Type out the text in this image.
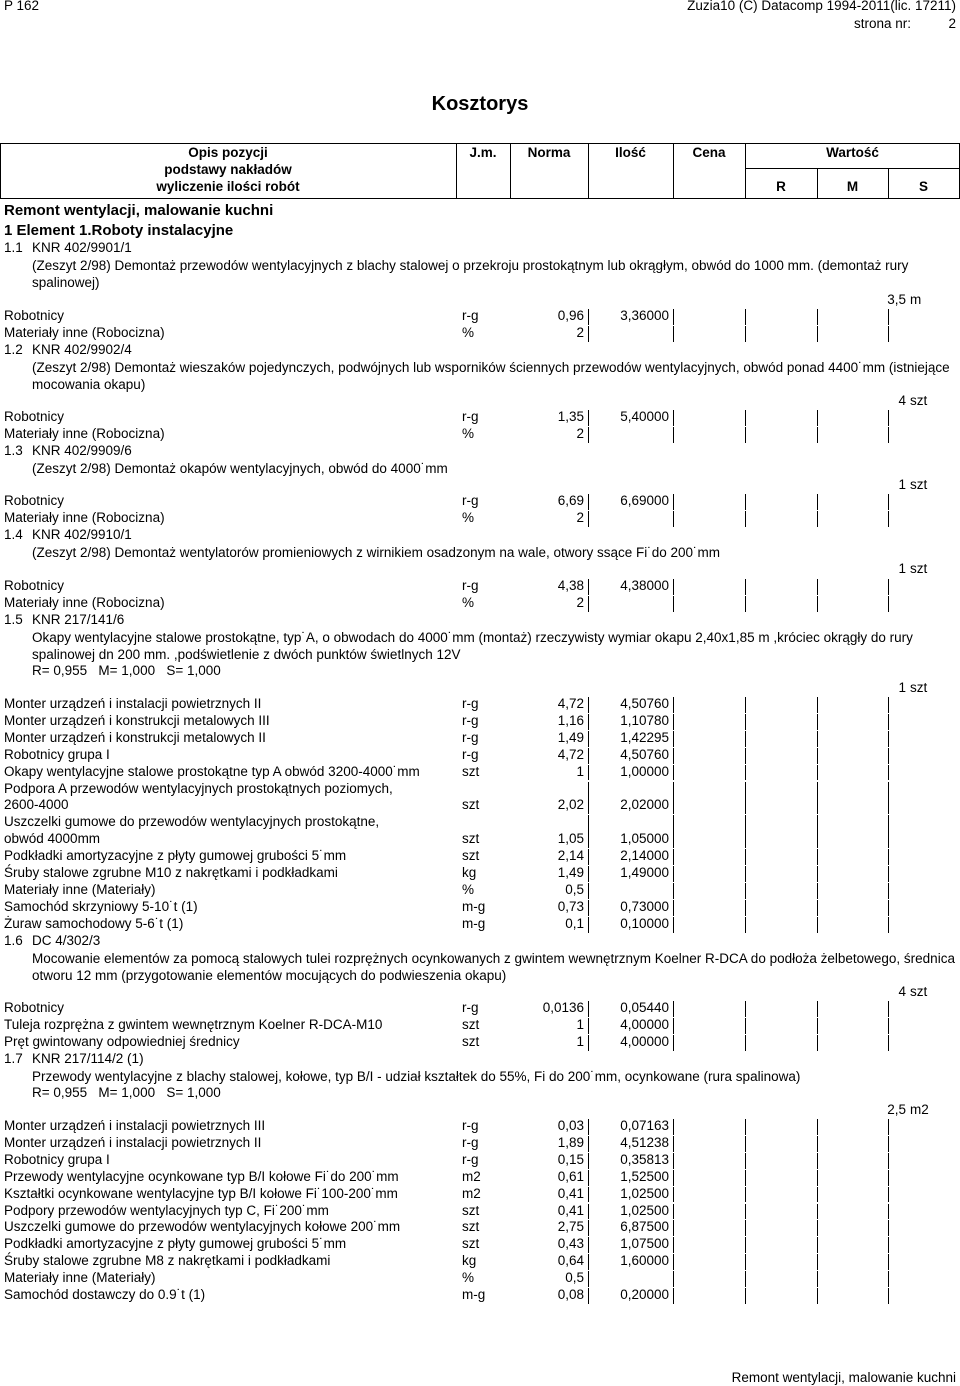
P 162	Zuzia10 (C) Datacomp 1994-2011(lic. 17211)
strona nr:	2
Kosztorys
Opis pozycji
podstawy nakładów
wyliczenie ilości robót
J.m.	Norma	Ilość	Cena	Wartość
R	M	S
Remont wentylacji, malowanie kuchni
1 Element 1.Roboty instalacyjne
1.1 KNR 402/9901/1
(Zeszyt 2/98) Demontaż przewodów wentylacyjnych z blachy stalowej o przekroju prostokątnym lub okrągłym, obwód do 1000 mm. (demontaż rury spalinowej)
3,5 m
Robotnicy	r-g	0,96	3,36000
Materiały inne (Robocizna)	%	2
1.2 KNR 402/9902/4
(Zeszyt 2/98) Demontaż wieszaków pojedynczych, podwójnych lub wsporników ściennych przewodów wentylacyjnych, obwód ponad 4400˙mm (istniejące mocowania okapu)
4 szt
Robotnicy	r-g	1,35	5,40000
Materiały inne (Robocizna)	%	2
1.3 KNR 402/9909/6
(Zeszyt 2/98) Demontaż okapów wentylacyjnych, obwód do 4000˙mm
1 szt
Robotnicy	r-g	6,69	6,69000
Materiały inne (Robocizna)	%	2
1.4 KNR 402/9910/1
(Zeszyt 2/98) Demontaż wentylatorów promieniowych z wirnikiem osadzonym na wale, otwory ssące Fi˙do 200˙mm
1 szt
Robotnicy	r-g	4,38	4,38000
Materiały inne (Robocizna)	%	2
1.5 KNR 217/141/6
Okapy wentylacyjne stalowe prostokątne, typ˙A, o obwodach do 4000˙mm (montaż) rzeczywisty wymiar okapu 2,40x1,85 m ,króciec okrągły do rury spalinowej dn 200 mm. ,podświetlenie z dwóch punktów świetlnych 12V
R= 0,955   M= 1,000   S= 1,000
1 szt
Monter urządzeń i instalacji powietrznych II	r-g	4,72	4,50760
Monter urządzeń i konstrukcji metalowych III	r-g	1,16	1,10780
Monter urządzeń i konstrukcji metalowych II	r-g	1,49	1,42295
Robotnicy grupa I	r-g	4,72	4,50760
Okapy wentylacyjne stalowe prostokątne typ A obwód 3200-4000˙mm	szt	1	1,00000
Podpora A przewodów wentylacyjnych prostokątnych poziomych,
2600-4000	szt	2,02	2,02000
Uszczelki gumowe do przewodów wentylacyjnych prostokątne,
obwód 4000mm	szt	1,05	1,05000
Podkładki amortyzacyjne z płyty gumowej grubości 5˙mm	szt	2,14	2,14000
Śruby stalowe zgrubne M10 z nakrętkami i podkładkami	kg	1,49	1,49000
Materiały inne (Materiały)	%	0,5
Samochód skrzyniowy 5-10˙t (1)	m-g	0,73	0,73000
Żuraw samochodowy 5-6˙t (1)	m-g	0,1	0,10000
1.6 DC 4/302/3
Mocowanie elementów za pomocą stalowych tulei rozprężnych ocynkowanych z gwintem wewnętrznym Koelner R-DCA do podłoża żelbetowego, średnica otworu 12 mm (przygotowanie elementów mocujących do podwieszenia okapu)
4 szt
Robotnicy	r-g	0,0136	0,05440
Tuleja rozprężna z gwintem wewnętrznym Koelner R-DCA-M10	szt	1	4,00000
Pręt gwintowany odpowiedniej średnicy	szt	1	4,00000
1.7 KNR 217/114/2 (1)
Przewody wentylacyjne z blachy stalowej, kołowe, typ B/I - udział kształtek do 55%, Fi do 200˙mm, ocynkowane (rura spalinowa)
R= 0,955   M= 1,000   S= 1,000
2,5 m2
Monter urządzeń i instalacji powietrznych III	r-g	0,03	0,07163
Monter urządzeń i instalacji powietrznych II	r-g	1,89	4,51238
Robotnicy grupa I	r-g	0,15	0,35813
Przewody wentylacyjne ocynkowane typ B/I kołowe Fi˙do 200˙mm	m2	0,61	1,52500
Kształtki ocynkowane wentylacyjne typ B/I kołowe Fi˙100-200˙mm	m2	0,41	1,02500
Podpory przewodów wentylacyjnych typ C, Fi˙200˙mm	szt	0,41	1,02500
Uszczelki gumowe do przewodów wentylacyjnych kołowe 200˙mm	szt	2,75	6,87500
Podkładki amortyzacyjne z płyty gumowej grubości 5˙mm	szt	0,43	1,07500
Śruby stalowe zgrubne M8 z nakrętkami i podkładkami	kg	0,64	1,60000
Materiały inne (Materiały)	%	0,5
Samochód dostawczy do 0.9˙t (1)	m-g	0,08	0,20000
Remont wentylacji, malowanie kuchni
